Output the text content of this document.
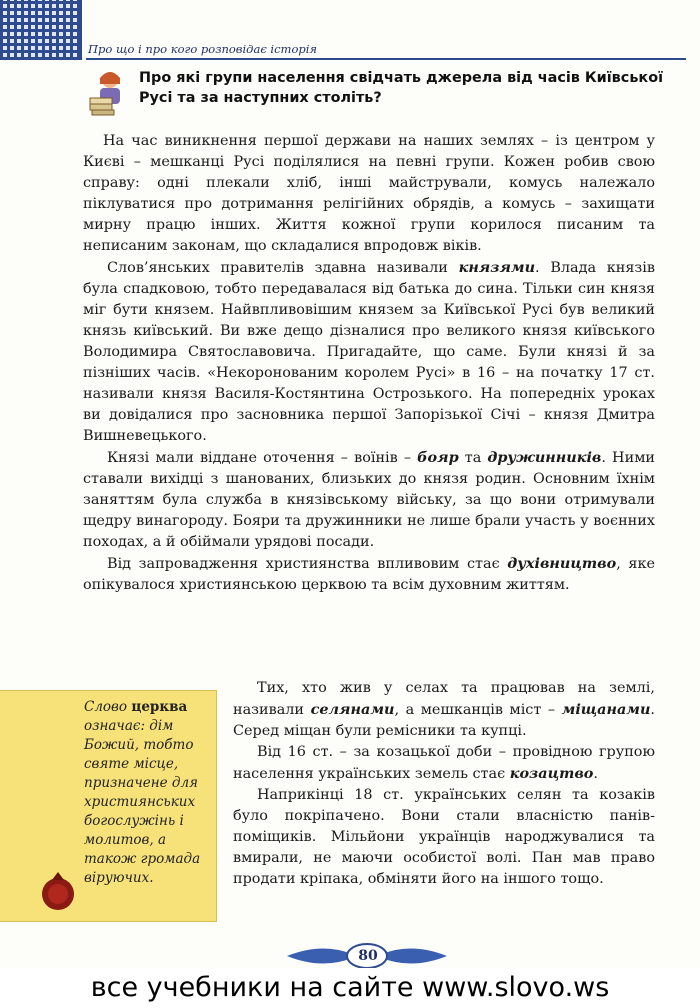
Про що і про кого розповідає історія
Про які групи населення свідчать джерела від часів Київської Русі та за наступних століть?

На час виникнення першої держави на наших землях – із центром у Києві – мешканці Русі поділялися на певні групи. Кожен робив свою справу: одні плекали хліб, інші майстрували, комусь належало піклуватися про дотримання релігійних обрядів, а комусь – захищати мирну працю інших. Життя кожної групи корилося писаним та неписаним законам, що складалися впродовж віків.

Слов’янських правителів здавна називали князями. Влада князів була спадковою, тобто передавалася від батька до сина. Тільки син князя міг бути князем. Найвпливовішим князем за Київської Русі був великий князь київський. Ви вже дещо дізналися про великого князя київського Володимира Святославовича. Пригадайте, що саме. Були князі й за пізніших часів. «Некоронованим королем Русі» в 16 – на початку 17 ст. називали князя Василя-Костянтина Острозького. На попередніх уроках ви довідалися про засновника першої Запорізької Січі – князя Дмитра Вишневецького.

Князі мали віддане оточення – воїнів – бояр та дружинників. Ними ставали вихідці з шанованих, близьких до князя родин. Основним їхнім заняттям була служба в князівському війську, за що вони отримували щедру винагороду. Бояри та дружинники не лише брали участь у воєнних походах, а й обіймали урядові посади.

Від запровадження християнства впливовим стає духівництво, яке опікувалося християнською церквою та всім духовним життям.

Слово церква означає: дім Божий, тобто святе місце, призначене для християнських богослужінь і молитов, а також громада віруючих.

Тих, хто жив у селах та працював на землі, називали селянами, а мешканців міст – міщанами. Серед міщан були ремісники та купці.

Від 16 ст. – за козацької доби – провідною групою населення українських земель стає козацтво.

Наприкінці 18 ст. українських селян та козаків було покріпачено. Вони стали власністю панів-поміщиків. Мільйони українців народжувалися та вмирали, не маючи особистої волі. Пан мав право продати кріпака, обміняти його на іншого тощо.

80
все учебники на сайте www.slovo.ws
